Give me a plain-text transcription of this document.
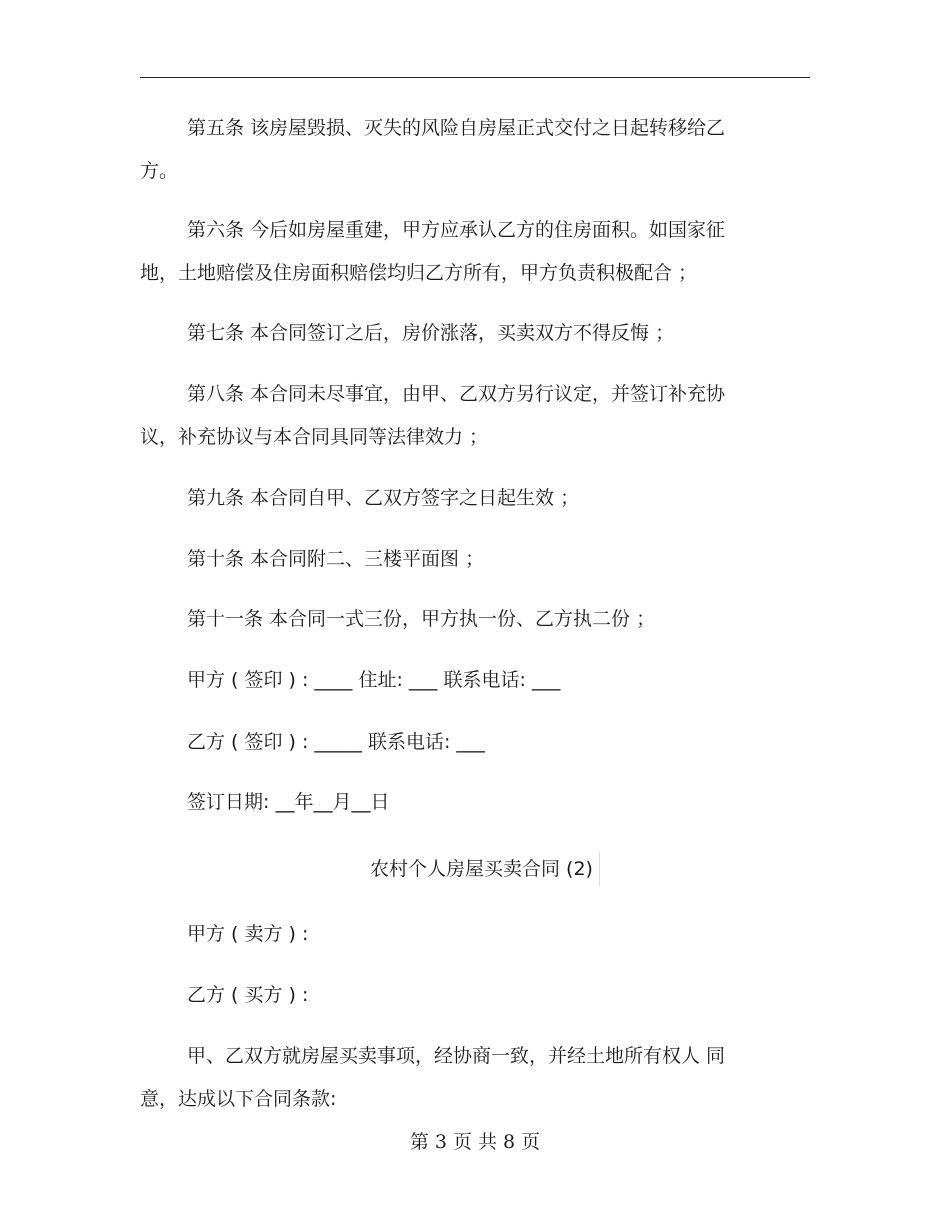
第五条 该房屋毁损、灭失的风险自房屋正式交付之日起转移给乙
方。
第六条 今后如房屋重建，甲方应承认乙方的住房面积。如国家征
地，土地赔偿及住房面积赔偿均归乙方所有，甲方负责积极配合 ；
第七条 本合同签订之后，房价涨落，买卖双方不得反悔 ；
第八条 本合同未尽事宜，由甲、乙双方另行议定，并签订补充协
议，补充协议与本合同具同等法律效力 ；
第九条 本合同自甲、乙双方签字之日起生效 ；
第十条 本合同附二、三楼平面图 ；
第十一条 本合同一式三份，甲方执一份、乙方执二份 ；
甲方 ( 签印 ) : ____ 住址: ___ 联系电话: ___
乙方 ( 签印 ) : _____ 联系电话: ___
签订日期: __年__月__日
农村个人房屋买卖合同 (2)
甲方 ( 卖方 ) :
乙方 ( 买方 ) :
甲、乙双方就房屋买卖事项，经协商一致，并经土地所有权人 同
意，达成以下合同条款:
第 3 页 共 8 页
